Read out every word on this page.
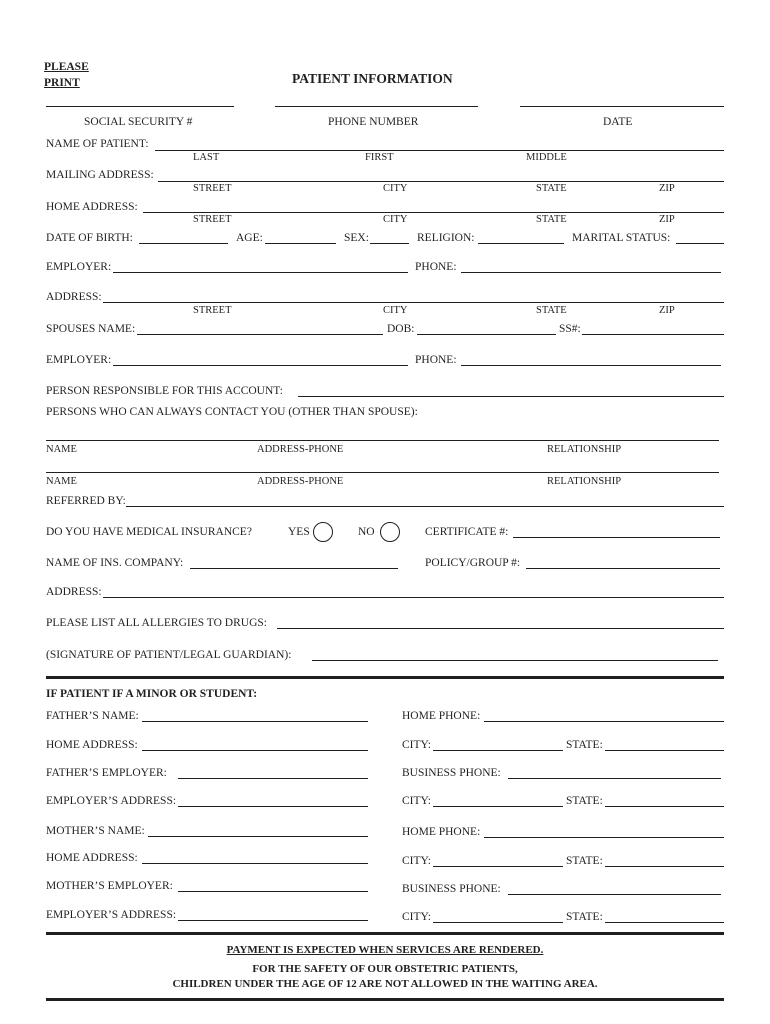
PLEASE
PRINT	PATIENT INFORMATION
SOCIAL SECURITY #	PHONE NUMBER	DATE
NAME OF PATIENT:
LAST	FIRST	MIDDLE
MAILING ADDRESS:
STREET	CITY	STATE	ZIP
HOME ADDRESS:
STREET	CITY	STATE	ZIP
DATE OF BIRTH:	AGE:	SEX:	RELIGION:	MARITAL STATUS:
EMPLOYER:	PHONE:
ADDRESS:
STREET	CITY	STATE	ZIP
SPOUSES NAME:	DOB:	SS#:
EMPLOYER:	PHONE:
PERSON RESPONSIBLE FOR THIS ACCOUNT:
PERSONS WHO CAN ALWAYS CONTACT YOU (OTHER THAN SPOUSE):
NAME	ADDRESS-PHONE	RELATIONSHIP
NAME	ADDRESS-PHONE	RELATIONSHIP
REFERRED BY:
DO YOU HAVE MEDICAL INSURANCE?	YES	NO	CERTIFICATE #:
NAME OF INS. COMPANY:	POLICY/GROUP #:
ADDRESS:
PLEASE LIST ALL ALLERGIES TO DRUGS:
(SIGNATURE OF PATIENT/LEGAL GUARDIAN):
IF PATIENT IF A MINOR OR STUDENT:
FATHER’S NAME:	HOME PHONE:
HOME ADDRESS:	CITY:	STATE:
FATHER’S EMPLOYER:	BUSINESS PHONE:
EMPLOYER’S ADDRESS:	CITY:	STATE:
MOTHER’S NAME:	HOME PHONE:
HOME ADDRESS:	CITY:	STATE:
MOTHER’S EMPLOYER:	BUSINESS PHONE:
EMPLOYER’S ADDRESS:	CITY:	STATE:
PAYMENT IS EXPECTED WHEN SERVICES ARE RENDERED.
FOR THE SAFETY OF OUR OBSTETRIC PATIENTS,
CHILDREN UNDER THE AGE OF 12 ARE NOT ALLOWED IN THE WAITING AREA.
